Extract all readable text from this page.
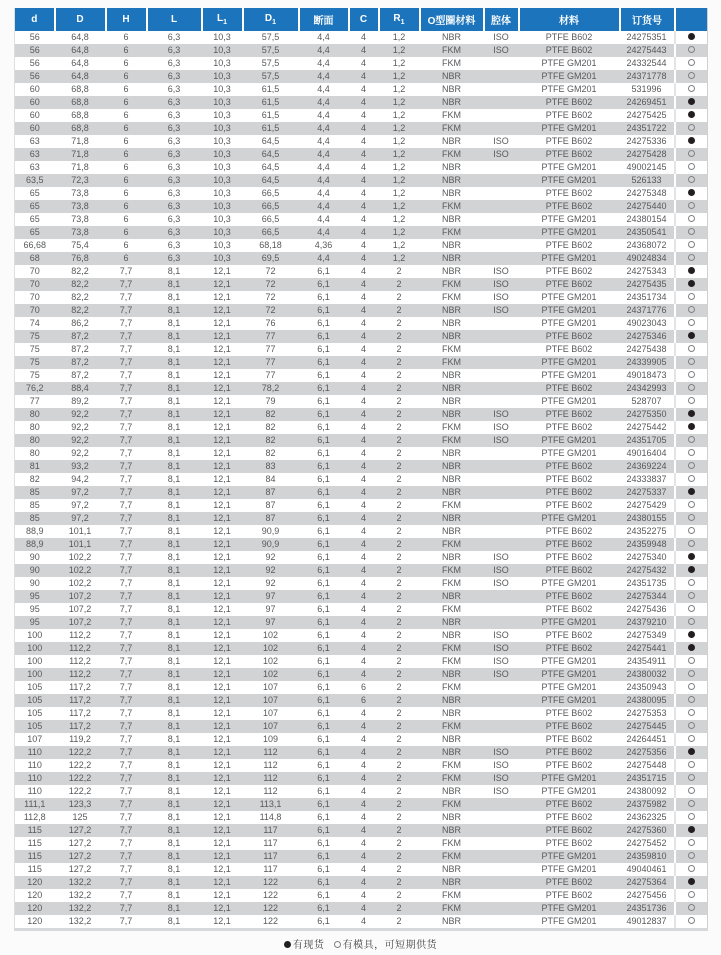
d	D	H	L	$L_1$	$D_1$	断面	C	$R_1$	O型圈材料	腔体	材料	订货号	
56	64,8	6	6,3	10,3	57,5	4,4	4	1,2	NBR	ISO	PTFE B602	24275351	
56	64,8	6	6,3	10,3	57,5	4,4	4	1,2	FKM	ISO	PTFE B602	24275443	
56	64,8	6	6,3	10,3	57,5	4,4	4	1,2	FKM		PTFE GM201	24332544	
56	64,8	6	6,3	10,3	57,5	4,4	4	1,2	NBR		PTFE GM201	24371778	
60	68,8	6	6,3	10,3	61,5	4,4	4	1,2	NBR		PTFE GM201	531996	
60	68,8	6	6,3	10,3	61,5	4,4	4	1,2	NBR		PTFE B602	24269451	
60	68,8	6	6,3	10,3	61,5	4,4	4	1,2	FKM		PTFE B602	24275425	
60	68,8	6	6,3	10,3	61,5	4,4	4	1,2	FKM		PTFE GM201	24351722	
63	71,8	6	6,3	10,3	64,5	4,4	4	1,2	NBR	ISO	PTFE B602	24275336	
63	71,8	6	6,3	10,3	64,5	4,4	4	1,2	FKM	ISO	PTFE B602	24275428	
63	71,8	6	6,3	10,3	64,5	4,4	4	1,2	NBR		PTFE GM201	49002145	
63,5	72,3	6	6,3	10,3	64,5	4,4	4	1,2	NBR		PTFE GM201	526133	
65	73,8	6	6,3	10,3	66,5	4,4	4	1,2	NBR		PTFE B602	24275348	
65	73,8	6	6,3	10,3	66,5	4,4	4	1,2	FKM		PTFE B602	24275440	
65	73,8	6	6,3	10,3	66,5	4,4	4	1,2	NBR		PTFE GM201	24380154	
65	73,8	6	6,3	10,3	66,5	4,4	4	1,2	FKM		PTFE GM201	24350541	
66,68	75,4	6	6,3	10,3	68,18	4,36	4	1,2	NBR		PTFE B602	24368072	
68	76,8	6	6,3	10,3	69,5	4,4	4	1,2	NBR		PTFE GM201	49024834	
70	82,2	7,7	8,1	12,1	72	6,1	4	2	NBR	ISO	PTFE B602	24275343	
70	82,2	7,7	8,1	12,1	72	6,1	4	2	FKM	ISO	PTFE B602	24275435	
70	82,2	7,7	8,1	12,1	72	6,1	4	2	FKM	ISO	PTFE GM201	24351734	
70	82,2	7,7	8,1	12,1	72	6,1	4	2	NBR	ISO	PTFE GM201	24371776	
74	86,2	7,7	8,1	12,1	76	6,1	4	2	NBR		PTFE GM201	49023043	
75	87,2	7,7	8,1	12,1	77	6,1	4	2	NBR		PTFE B602	24275346	
75	87,2	7,7	8,1	12,1	77	6,1	4	2	FKM		PTFE B602	24275438	
75	87,2	7,7	8,1	12,1	77	6,1	4	2	FKM		PTFE GM201	24339905	
75	87,2	7,7	8,1	12,1	77	6,1	4	2	NBR		PTFE GM201	49018473	
76,2	88,4	7,7	8,1	12,1	78,2	6,1	4	2	NBR		PTFE B602	24342993	
77	89,2	7,7	8,1	12,1	79	6,1	4	2	NBR		PTFE GM201	528707	
80	92,2	7,7	8,1	12,1	82	6,1	4	2	NBR	ISO	PTFE B602	24275350	
80	92,2	7,7	8,1	12,1	82	6,1	4	2	FKM	ISO	PTFE B602	24275442	
80	92,2	7,7	8,1	12,1	82	6,1	4	2	FKM	ISO	PTFE GM201	24351705	
80	92,2	7,7	8,1	12,1	82	6,1	4	2	NBR		PTFE GM201	49016404	
81	93,2	7,7	8,1	12,1	83	6,1	4	2	NBR		PTFE B602	24369224	
82	94,2	7,7	8,1	12,1	84	6,1	4	2	NBR		PTFE B602	24333837	
85	97,2	7,7	8,1	12,1	87	6,1	4	2	NBR		PTFE B602	24275337	
85	97,2	7,7	8,1	12,1	87	6,1	4	2	FKM		PTFE B602	24275429	
85	97,2	7,7	8,1	12,1	87	6,1	4	2	NBR		PTFE GM201	24380155	
88,9	101,1	7,7	8,1	12,1	90,9	6,1	4	2	NBR		PTFE B602	24352275	
88,9	101,1	7,7	8,1	12,1	90,9	6,1	4	2	FKM		PTFE B602	24359948	
90	102,2	7,7	8,1	12,1	92	6,1	4	2	NBR	ISO	PTFE B602	24275340	
90	102,2	7,7	8,1	12,1	92	6,1	4	2	FKM	ISO	PTFE B602	24275432	
90	102,2	7,7	8,1	12,1	92	6,1	4	2	FKM	ISO	PTFE GM201	24351735	
95	107,2	7,7	8,1	12,1	97	6,1	4	2	NBR		PTFE B602	24275344	
95	107,2	7,7	8,1	12,1	97	6,1	4	2	FKM		PTFE B602	24275436	
95	107,2	7,7	8,1	12,1	97	6,1	4	2	NBR		PTFE GM201	24379210	
100	112,2	7,7	8,1	12,1	102	6,1	4	2	NBR	ISO	PTFE B602	24275349	
100	112,2	7,7	8,1	12,1	102	6,1	4	2	FKM	ISO	PTFE B602	24275441	
100	112,2	7,7	8,1	12,1	102	6,1	4	2	FKM	ISO	PTFE GM201	24354911	
100	112,2	7,7	8,1	12,1	102	6,1	4	2	NBR	ISO	PTFE GM201	24380032	
105	117,2	7,7	8,1	12,1	107	6,1	6	2	FKM		PTFE GM201	24350943	
105	117,2	7,7	8,1	12,1	107	6,1	6	2	NBR		PTFE GM201	24380095	
105	117,2	7,7	8,1	12,1	107	6,1	4	2	NBR		PTFE B602	24275353	
105	117,2	7,7	8,1	12,1	107	6,1	4	2	FKM		PTFE B602	24275445	
107	119,2	7,7	8,1	12,1	109	6,1	4	2	NBR		PTFE B602	24264451	
110	122,2	7,7	8,1	12,1	112	6,1	4	2	NBR	ISO	PTFE B602	24275356	
110	122,2	7,7	8,1	12,1	112	6,1	4	2	FKM	ISO	PTFE B602	24275448	
110	122,2	7,7	8,1	12,1	112	6,1	4	2	FKM	ISO	PTFE GM201	24351715	
110	122,2	7,7	8,1	12,1	112	6,1	4	2	NBR	ISO	PTFE GM201	24380092	
111,1	123,3	7,7	8,1	12,1	113,1	6,1	4	2	FKM		PTFE B602	24375982	
112,8	125	7,7	8,1	12,1	114,8	6,1	4	2	NBR		PTFE B602	24362325	
115	127,2	7,7	8,1	12,1	117	6,1	4	2	NBR		PTFE B602	24275360	
115	127,2	7,7	8,1	12,1	117	6,1	4	2	FKM		PTFE B602	24275452	
115	127,2	7,7	8,1	12,1	117	6,1	4	2	FKM		PTFE GM201	24359810	
115	127,2	7,7	8,1	12,1	117	6,1	4	2	NBR		PTFE GM201	49040461	
120	132,2	7,7	8,1	12,1	122	6,1	4	2	NBR		PTFE B602	24275364	
120	132,2	7,7	8,1	12,1	122	6,1	4	2	FKM		PTFE B602	24275456	
120	132,2	7,7	8,1	12,1	122	6,1	4	2	FKM		PTFE GM201	24351736	
120	132,2	7,7	8,1	12,1	122	6,1	4	2	NBR		PTFE GM201	49012837	
有现货 有模具，可短期供货
